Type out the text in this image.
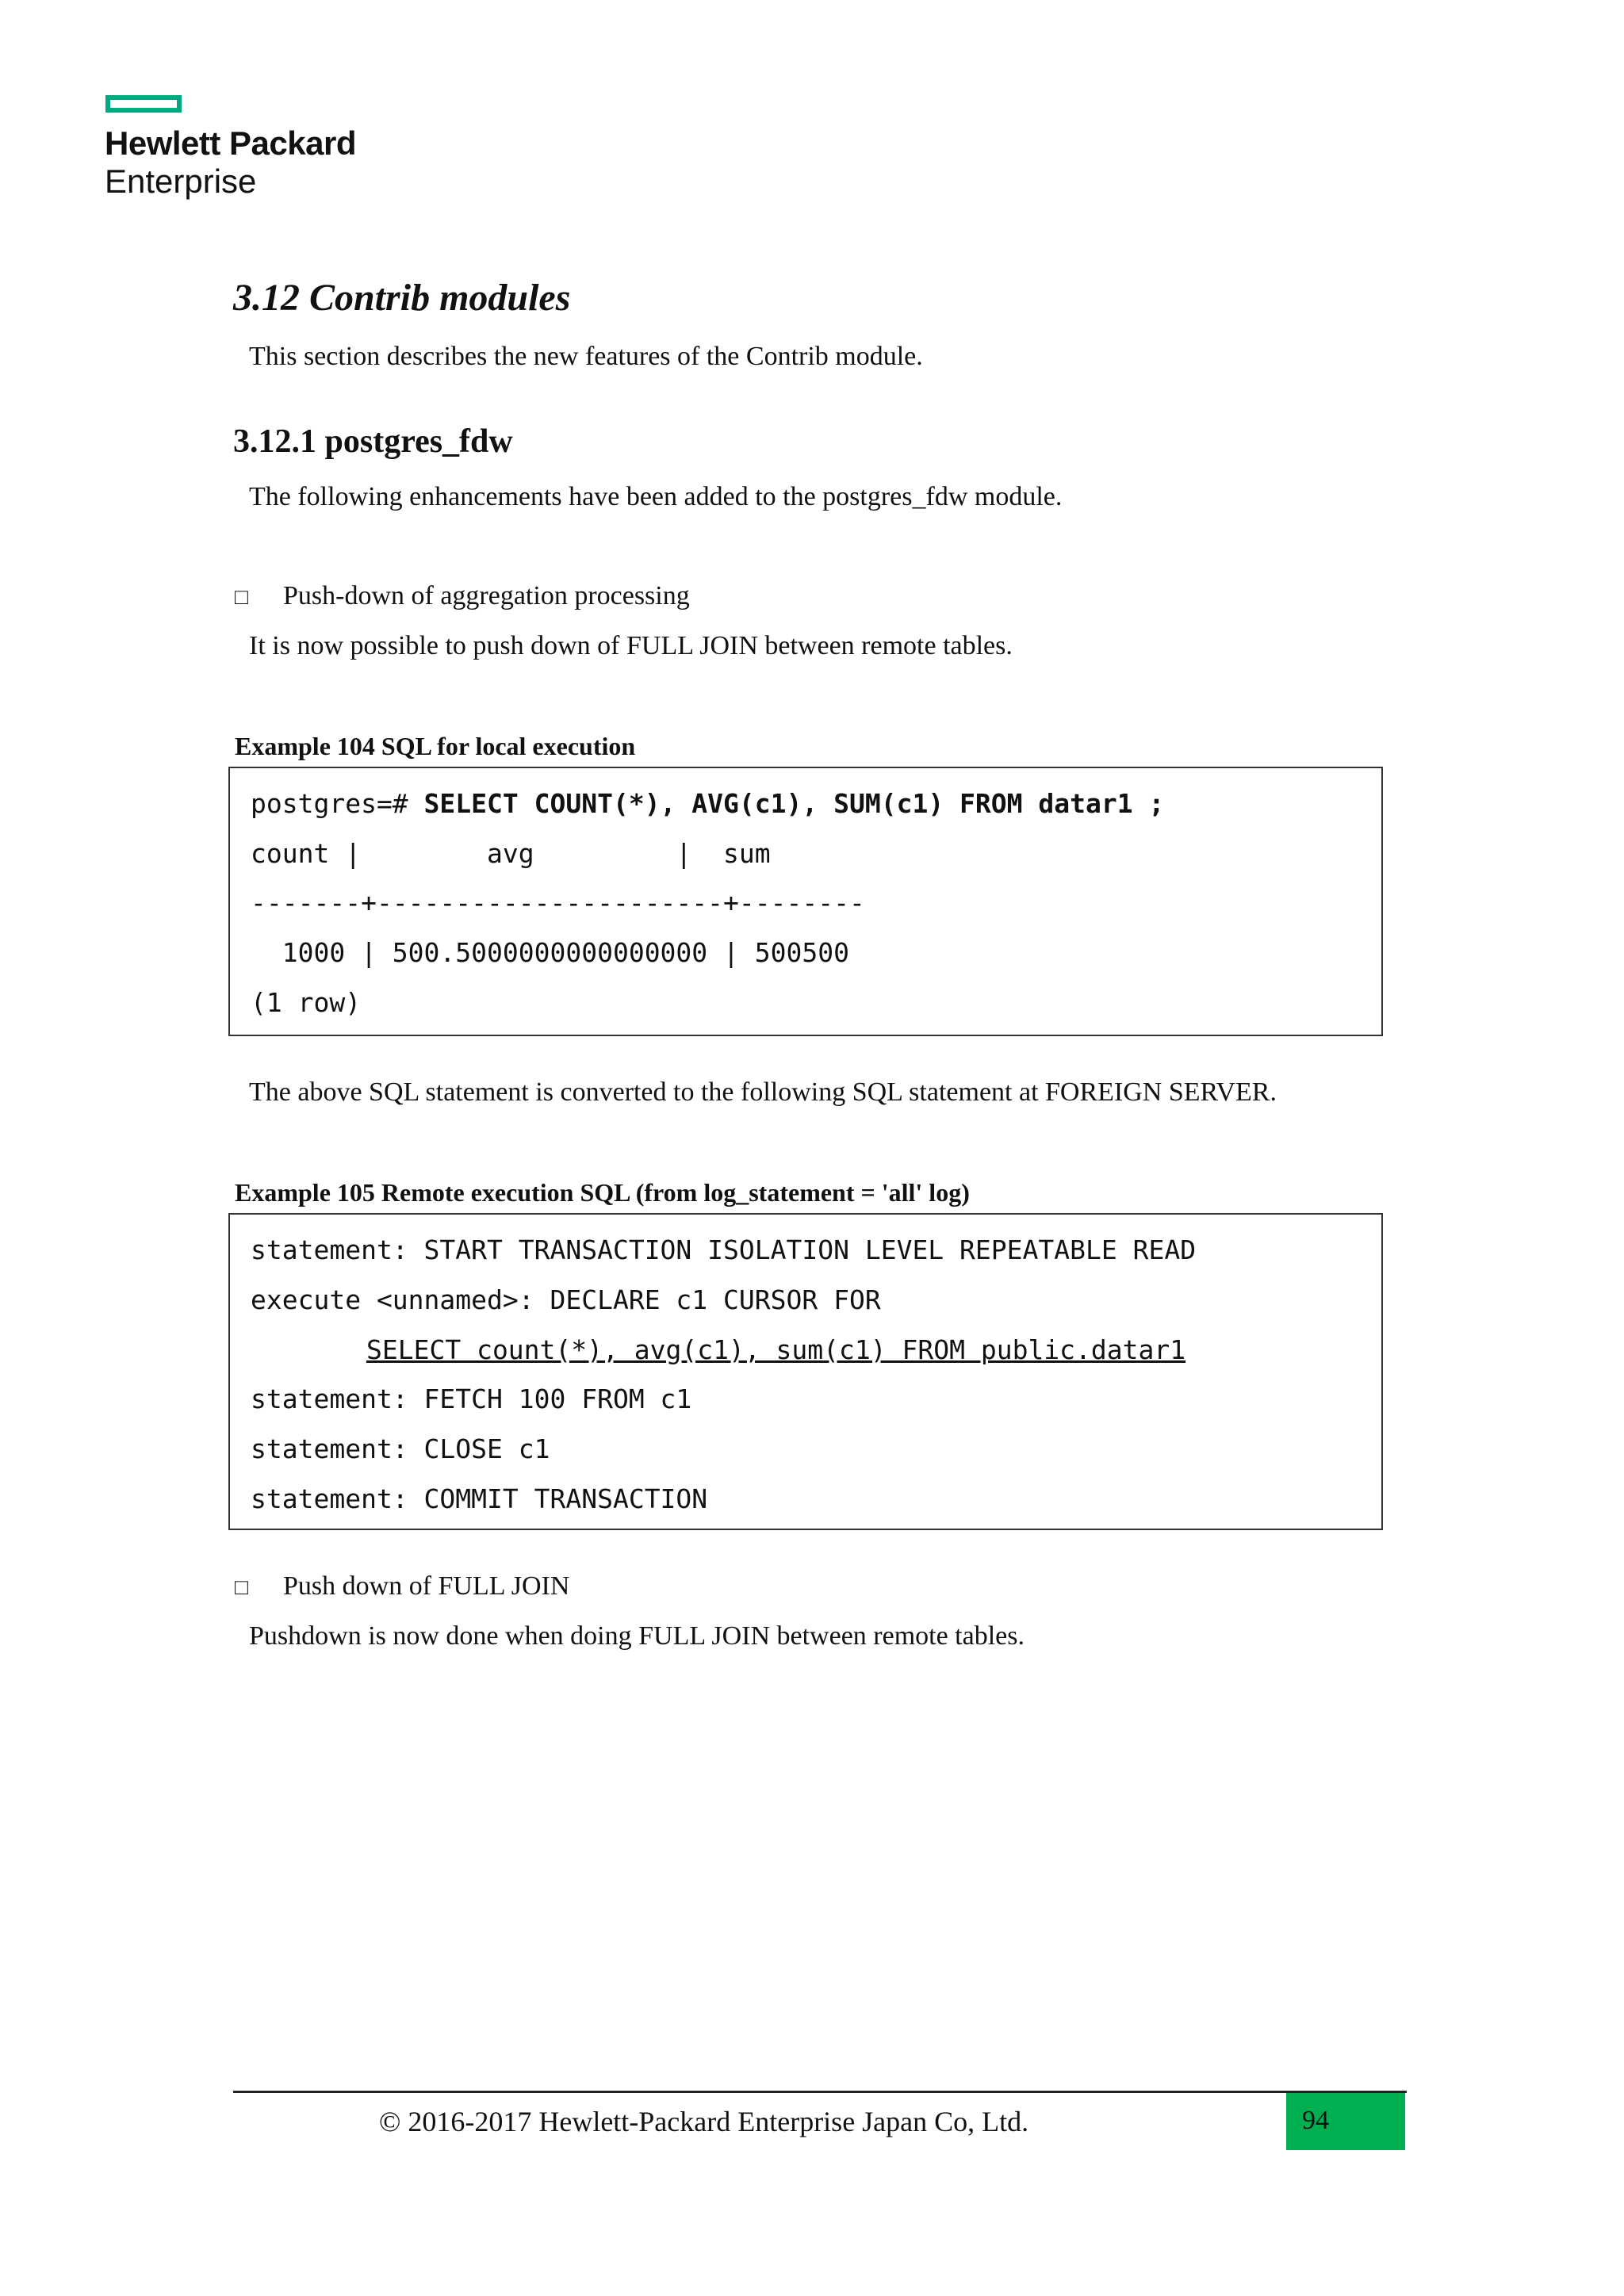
Hewlett Packard
Enterprise
3.12 Contrib modules
This section describes the new features of the Contrib module.
3.12.1 postgres_fdw
The following enhancements have been added to the postgres_fdw module.
□ Push-down of aggregation processing
It is now possible to push down of FULL JOIN between remote tables.
Example 104 SQL for local execution
postgres=# SELECT COUNT(*), AVG(c1), SUM(c1) FROM datar1 ;
count |        avg         |  sum
-------+----------------------+--------
1000 | 500.5000000000000000 | 500500
(1 row)
The above SQL statement is converted to the following SQL statement at FOREIGN SERVER.
Example 105 Remote execution SQL (from log_statement = 'all' log)
statement: START TRANSACTION ISOLATION LEVEL REPEATABLE READ
execute <unnamed>: DECLARE c1 CURSOR FOR
SELECT count(*), avg(c1), sum(c1) FROM public.datar1
statement: FETCH 100 FROM c1
statement: CLOSE c1
statement: COMMIT TRANSACTION
□ Push down of FULL JOIN
Pushdown is now done when doing FULL JOIN between remote tables.
© 2016-2017 Hewlett-Packard Enterprise Japan Co, Ltd.	94
